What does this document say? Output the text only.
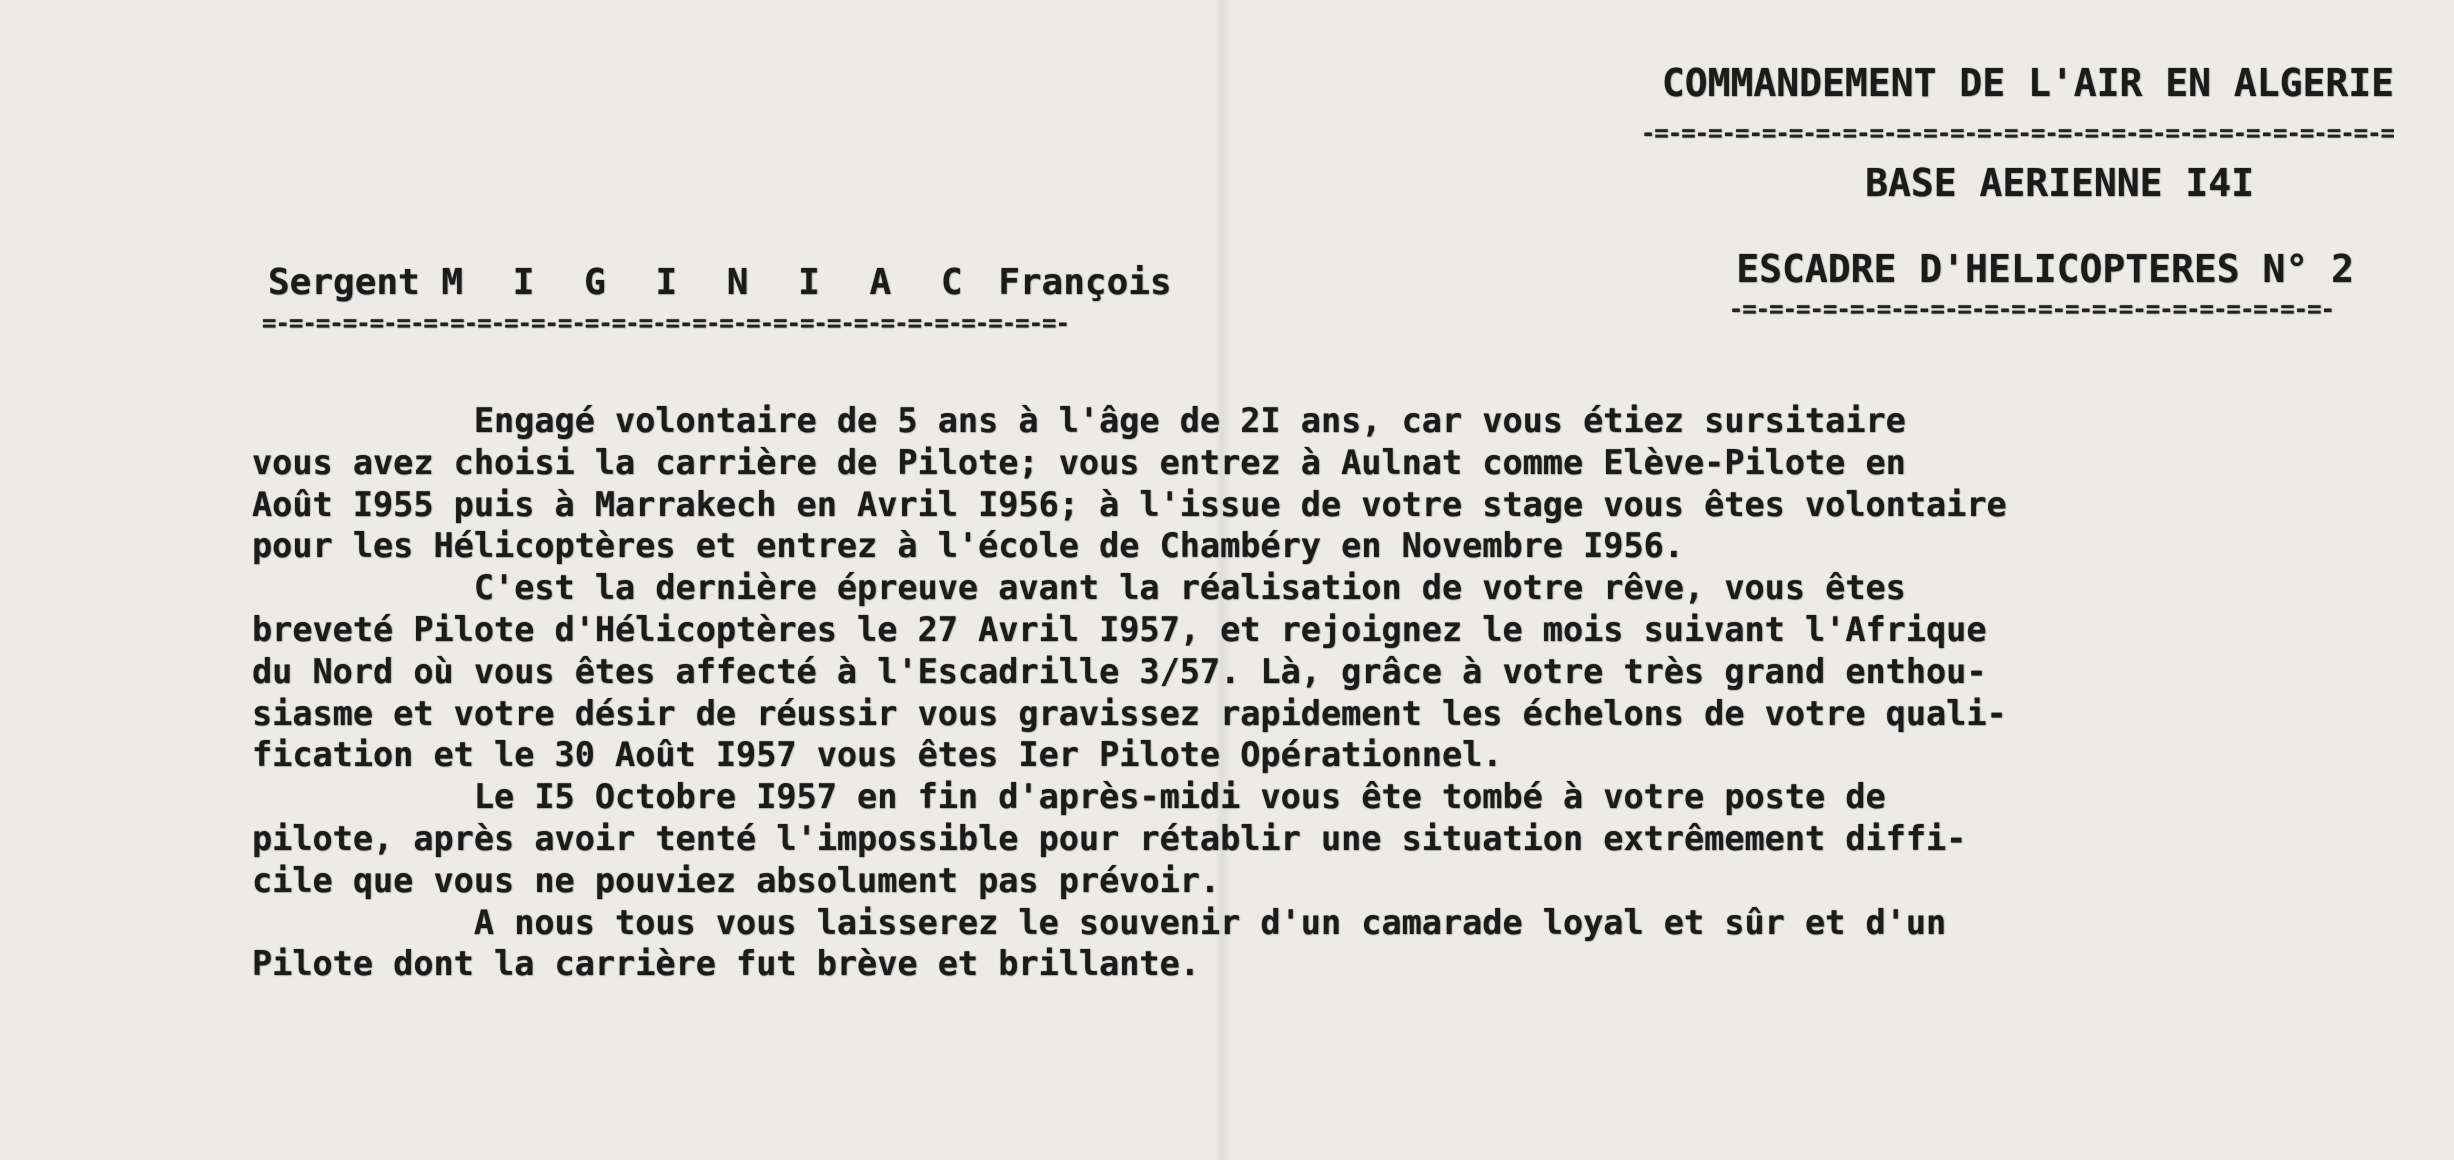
COMMANDEMENT DE L'AIR EN ALGERIE
-=-=-=-=-=-=-=-=-=-=-=-=-=-=-=-=-=-=-=-=-=-=-=-=-=-=-=-=
BASE AERIENNE I4I
ESCADRE D'HELICOPTERES N° 2
-=-=-=-=-=-=-=-=-=-=-=-=-=-=-=-=-=-=-=-=-=-=-
Sergent M I G I N I A C François
=-=-=-=-=-=-=-=-=-=-=-=-=-=-=-=-=-=-=-=-=-=-=-=-=-=-=-=-=-=-
Engagé volontaire de 5 ans à l'âge de 2I ans, car vous étiez sursitaire
vous avez choisi la carrière de Pilote; vous entrez à Aulnat comme Elève-Pilote en
Août I955 puis à Marrakech en Avril I956; à l'issue de votre stage vous êtes volontaire
pour les Hélicoptères et entrez à l'école de Chambéry en Novembre I956.
C'est la dernière épreuve avant la réalisation de votre rêve, vous êtes
breveté Pilote d'Hélicoptères le 27 Avril I957, et rejoignez le mois suivant l'Afrique
du Nord où vous êtes affecté à l'Escadrille 3/57. Là, grâce à votre très grand enthou-
siasme et votre désir de réussir vous gravissez rapidement les échelons de votre quali-
fication et le 30 Août I957 vous êtes Ier Pilote Opérationnel.
Le I5 Octobre I957 en fin d'après-midi vous ête tombé à votre poste de
pilote, après avoir tenté l'impossible pour rétablir une situation extrêmement diffi-
cile que vous ne pouviez absolument pas prévoir.
A nous tous vous laisserez le souvenir d'un camarade loyal et sûr et d'un
Pilote dont la carrière fut brève et brillante.
